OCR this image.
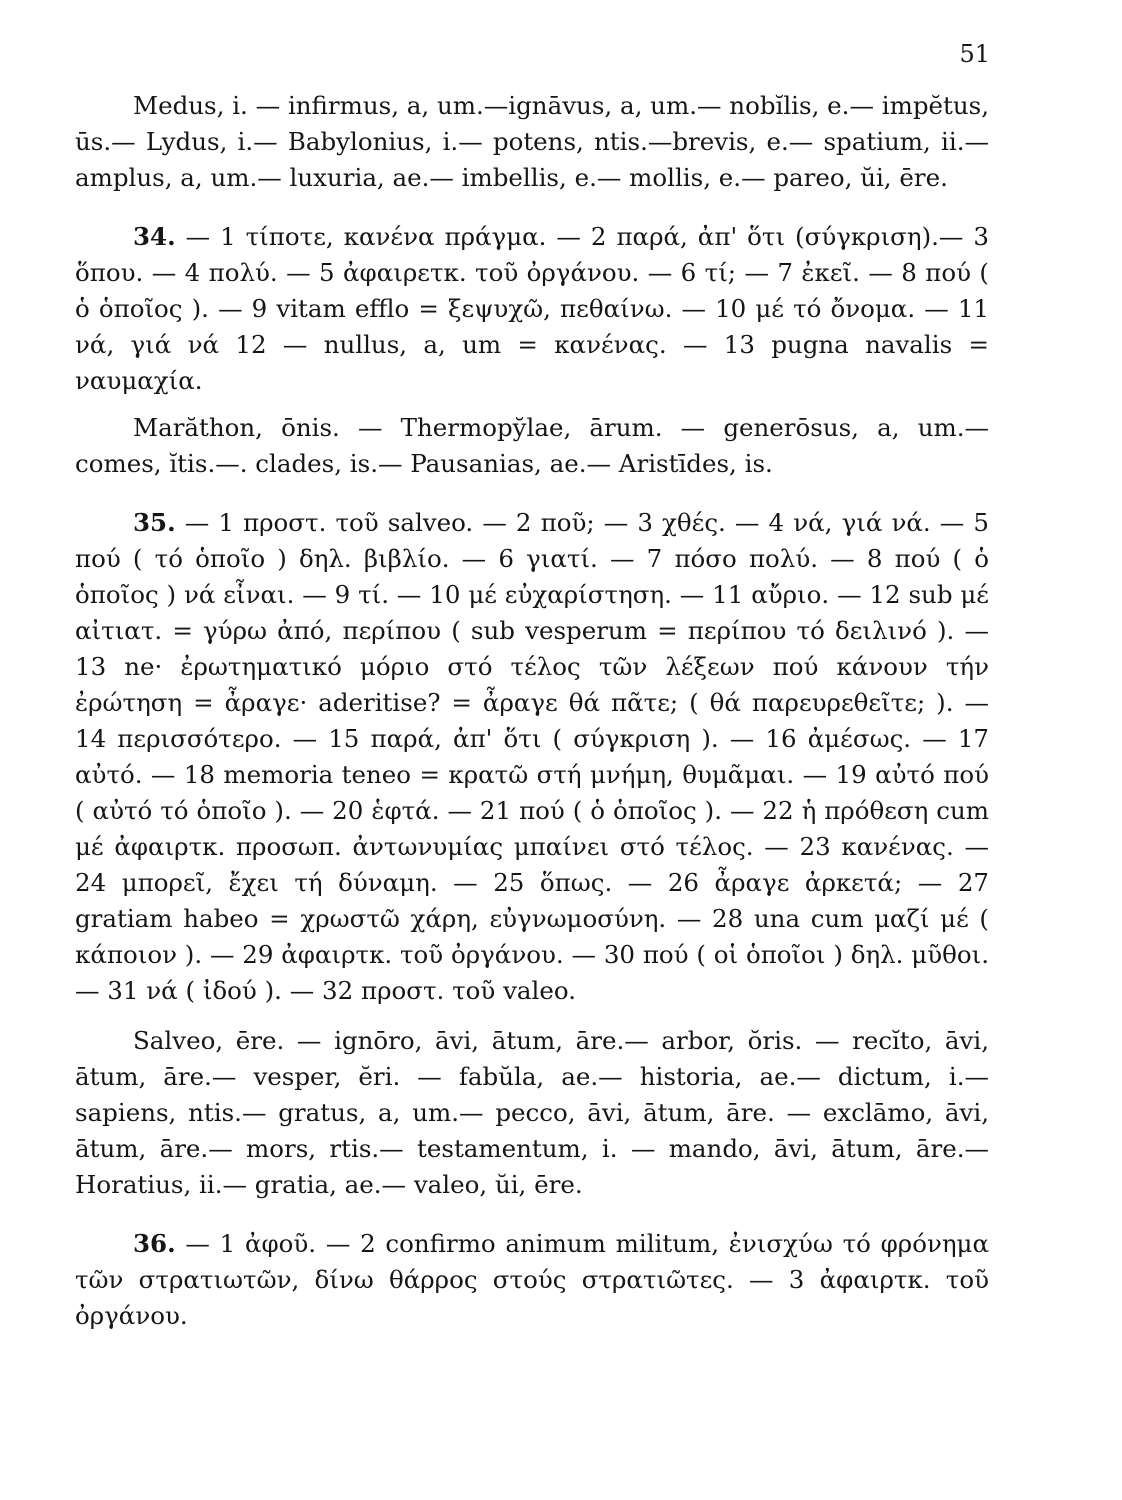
51

Medus, i. — infirmus, a, um.—ignāvus, a, um.— nobĭlis, e.— impĕtus, ūs.— Lydus, i.— Babylonius, i.— potens, ntis.—brevis, e.— spatium, ii.— amplus, a, um.— luxuria, ae.— imbellis, e.— mollis, e.— pareo, ŭi, ēre.

34. — 1 τίποτε, κανένα πράγμα. — 2 παρά, ἀπ' ὅτι (σύγκριση).— 3 ὅπου. — 4 πολύ. — 5 ἀφαιρετκ. τοῦ ὀργάνου. — 6 τί; — 7 ἐκεῖ. — 8 πού ( ὁ ὁποῖος ). — 9 vitam efflo = ξεψυχῶ, πεθαίνω. — 10 μέ τό ὄνομα. — 11 νά, γιά νά 12 — nullus, a, um = κανένας. — 13 pugna navalis = ναυμαχία.

Marăthon, ōnis. — Thermopy̆lae, ārum. — generōsus, a, um.— comes, ĭtis.—. clades, is.— Pausanias, ae.— Aristīdes, is.

35. — 1 προστ. τοῦ salveo. — 2 ποῦ; — 3 χθές. — 4 νά, γιά νά. — 5 πού ( τό ὁποῖο ) δηλ. βιβλίο. — 6 γιατί. — 7 πόσο πολύ. — 8 πού ( ὁ ὁποῖος ) νά εἶναι. — 9 τί. — 10 μέ εὐχαρίστηση. — 11 αὔριο. — 12 sub μέ αἰτιατ. = γύρω ἀπό, περίπου ( sub vesperum = περίπου τό δειλινό ). — 13 ne· ἐρωτηματικό μόριο στό τέλος τῶν λέξεων πού κάνουν τήν ἐρώτηση = ἆραγε· aderitise? = ἆραγε θά πᾶτε; ( θά παρευρεθεῖτε; ). — 14 περισσότερο. — 15 παρά, ἀπ' ὅτι ( σύγκριση ). — 16 ἀμέσως. — 17 αὐτό. — 18 memoria teneo = κρατῶ στή μνήμη, θυμᾶμαι. — 19 αὐτό πού ( αὐτό τό ὁποῖο ). — 20 ἑφτά. — 21 πού ( ὁ ὁποῖος ). — 22 ἡ πρόθεση cum μέ ἀφαιρτκ. προσωπ. ἀντωνυμίας μπαίνει στό τέλος. — 23 κανένας. — 24 μπορεῖ, ἔχει τή δύναμη. — 25 ὅπως. — 26 ἆραγε ἀρκετά; — 27 gratiam habeo = χρωστῶ χάρη, εὐγνωμοσύνη. — 28 una cum μαζί μέ ( κάποιον ). — 29 ἀφαιρτκ. τοῦ ὀργάνου. — 30 πού ( οἱ ὁποῖοι ) δηλ. μῦθοι. — 31 νά ( ἰδού ). — 32 προστ. τοῦ valeo.

Salveo, ēre. — ignōro, āvi, ātum, āre.— arbor, ŏris. — recĭto, āvi, ātum, āre.— vesper, ĕri. — fabŭla, ae.— historia, ae.— dictum, i.— sapiens, ntis.— gratus, a, um.— pecco, āvi, ātum, āre. — exclāmo, āvi, ātum, āre.— mors, rtis.— testamentum, i. — mando, āvi, ātum, āre.— Horatius, ii.— gratia, ae.— valeo, ŭi, ēre.

36. — 1 ἀφοῦ. — 2 confirmo animum militum, ἐνισχύω τό φρόνημα τῶν στρατιωτῶν, δίνω θάρρος στούς στρατιῶτες. — 3 ἀφαιρτκ. τοῦ ὀργάνου.
